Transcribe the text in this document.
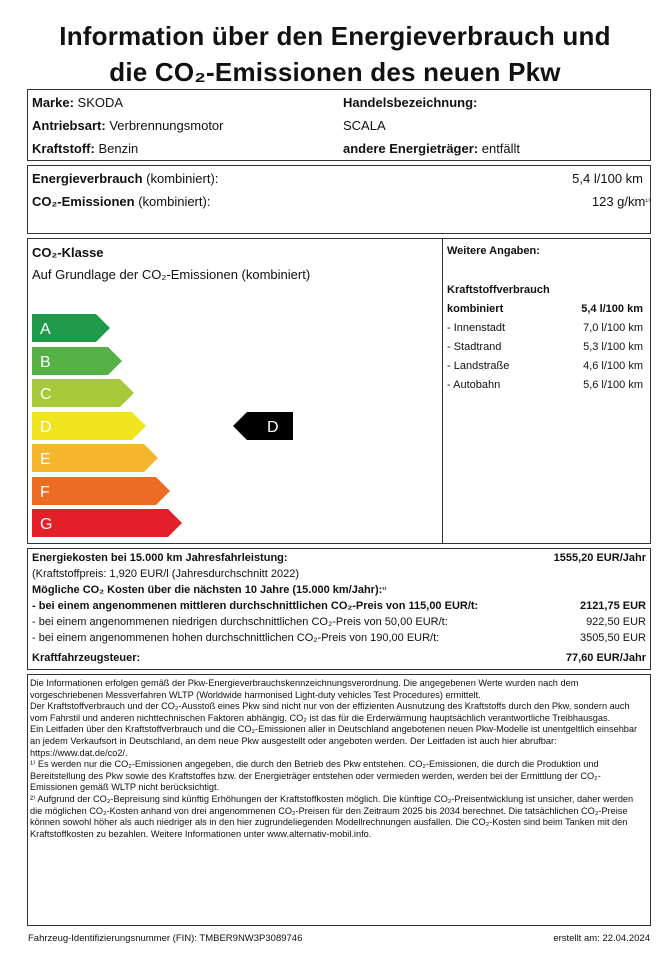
Information über den Energieverbrauch und
die CO₂-Emissionen des neuen Pkw
Marke: SKODA
Antriebsart: Verbrennungsmotor
Kraftstoff: Benzin
Handelsbezeichnung:
SCALA
andere Energieträger: entfällt
Energieverbrauch (kombiniert):	5,4 l/100 km
CO₂-Emissionen (kombiniert):	123 $g/km^{^{1)}}$
CO₂-Klasse
Auf Grundlage der CO₂-Emissionen (kombiniert)
A
B
C
D
E
F
G
D
Weitere Angaben:
Kraftstoffverbrauch
kombiniert	5,4 l/100 km
- Innenstadt	7,0 l/100 km
- Stadtrand	5,3 l/100 km
- Landstraße	4,6 l/100 km
- Autobahn	5,6 l/100 km
Energiekosten bei 15.000 km Jahresfahrleistung:	1555,20 EUR/Jahr
(Kraftstoffpreis: 1,920 EUR/l (Jahresdurchschnitt 2022)
Mögliche CO₂ Kosten über die nächsten 10 Jahre (15.000 km/Jahr):$^{^{2)}}$
- bei einem angenommenen mittleren durchschnittlichen CO₂-Preis von 115,00 EUR/t:	2121,75 EUR
- bei einem angenommenen niedrigen durchschnittlichen CO₂-Preis von 50,00 EUR/t:	922,50 EUR
- bei einem angenommenen hohen durchschnittlichen CO₂-Preis von 190,00 EUR/t:	3505,50 EUR
Kraftfahrzeugsteuer:	77,60 EUR/Jahr

Die Informationen erfolgen gemäß der Pkw-Energieverbrauchskennzeichnungsverordnung. Die angegebenen Werte wurden nach dem vorgeschriebenen Messverfahren WLTP (Worldwide harmonised Light-duty vehicles Test Procedures) ermittelt.

Der Kraftstoffverbrauch und der CO₂-Ausstoß eines Pkw sind nicht nur von der effizienten Ausnutzung des Kraftstoffs durch den Pkw, sondern auch vom Fahrstil und anderen nichttechnischen Faktoren abhängig. CO₂ ist das für die Erderwärmung hauptsächlich verantwortliche Treibhausgas.

Ein Leitfaden über den Kraftstoffverbrauch und die CO₂-Emissionen aller in Deutschland angebotenen neuen Pkw-Modelle ist unentgeltlich einsehbar an jedem Verkaufsort in Deutschland, an dem neue Pkw ausgestellt oder angeboten werden. Der Leitfaden ist auch hier abrufbar: https://www.dat.de/co2/.

¹⁾ Es werden nur die CO₂-Emissionen angegeben, die durch den Betrieb des Pkw entstehen. CO₂-Emissionen, die durch die Produktion und Bereitstellung des Pkw sowie des Kraftstoffes bzw. der Energieträger entstehen oder vermieden werden, werden bei der Ermittlung der CO₂-Emissionen gemäß WLTP nicht berücksichtigt.

²⁾ Aufgrund der CO₂-Bepreisung sind künftig Erhöhungen der Kraftstoffkosten möglich. Die künftige CO₂-Preisentwicklung ist unsicher, daher werden die möglichen CO₂-Kosten anhand von drei angenommenen CO₂-Preisen für den Zeitraum 2025 bis 2034 berechnet. Die tatsächlichen CO₂-Preise können sowohl höher als auch niedriger als in den hier zugrundeliegenden Modellrechnungen ausfallen. Die CO₂-Kosten sind beim Tanken mit den Kraftstoffkosten zu bezahlen. Weitere Informationen unter www.alternativ-mobil.info.

Fahrzeug-Identifizierungsnummer (FIN): TMBER9NW3P3089746	erstellt am: 22.04.2024
